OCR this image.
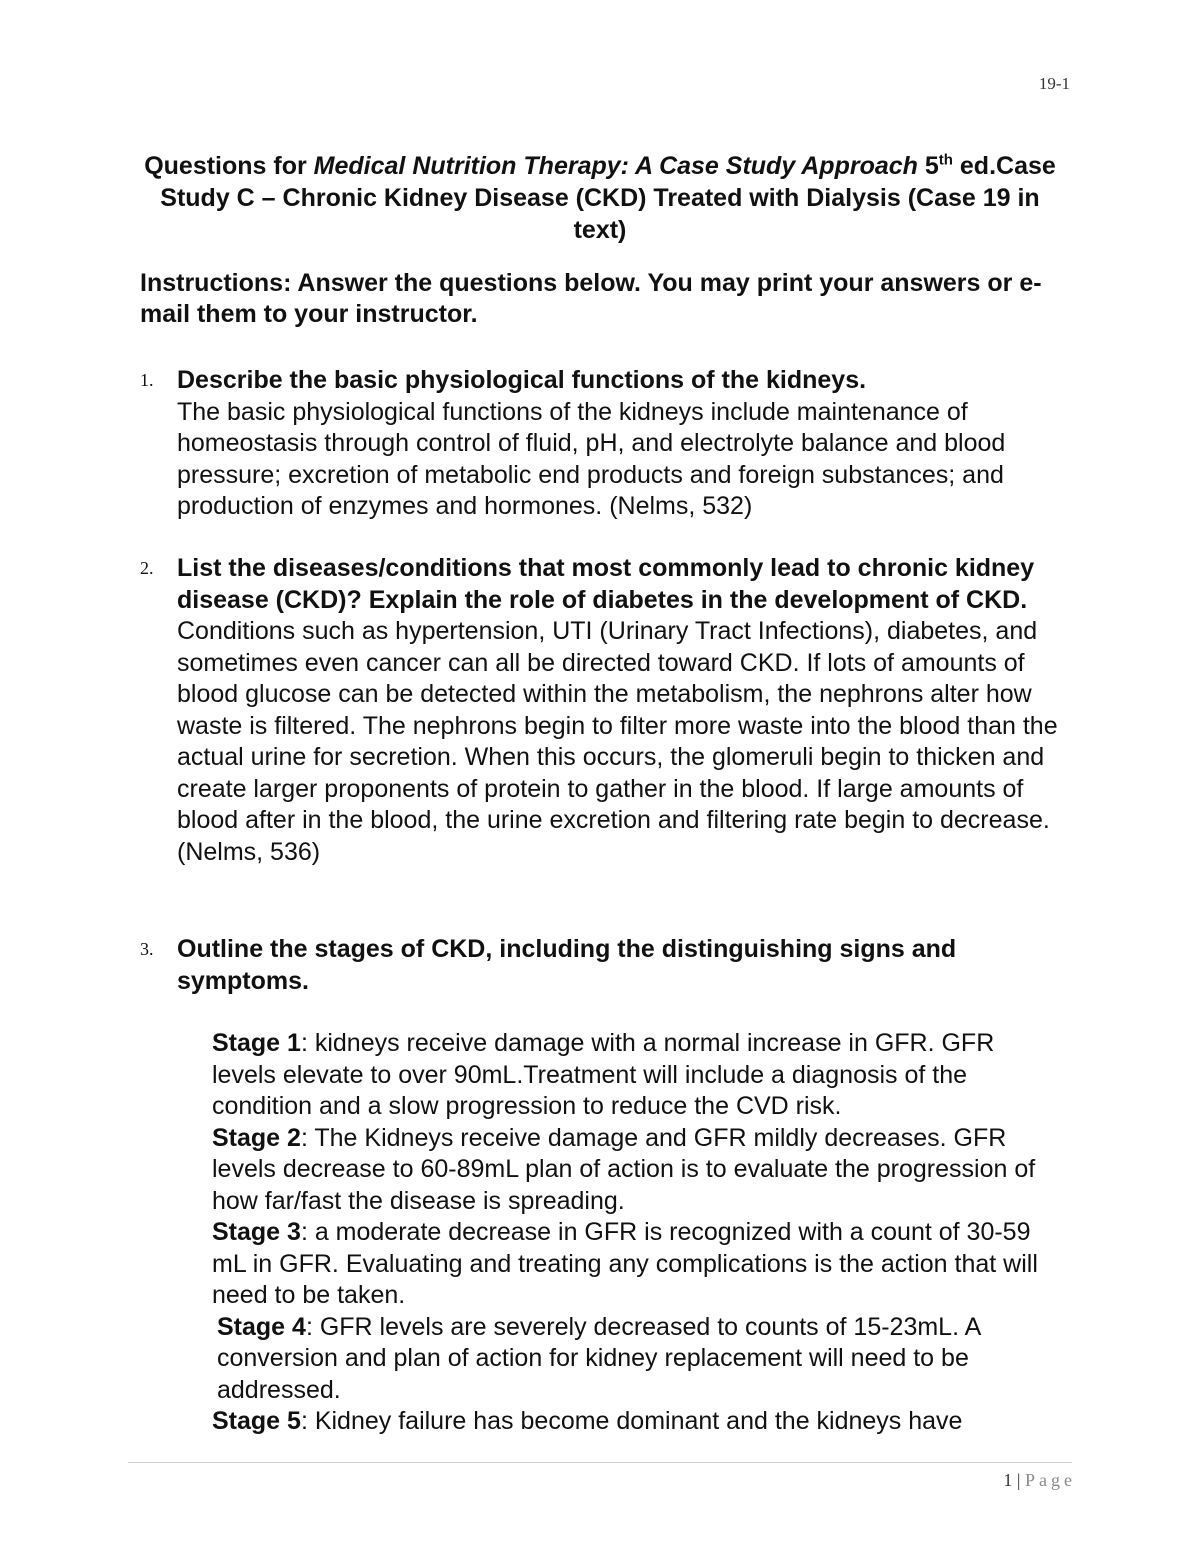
19-1
Questions for Medical Nutrition Therapy: A Case Study Approach 5th ed.Case Study C – Chronic Kidney Disease (CKD) Treated with Dialysis (Case 19 in text)
Instructions: Answer the questions below. You may print your answers or e-mail them to your instructor.
1. Describe the basic physiological functions of the kidneys.
The basic physiological functions of the kidneys include maintenance of homeostasis through control of fluid, pH, and electrolyte balance and blood pressure; excretion of metabolic end products and foreign substances; and production of enzymes and hormones. (Nelms, 532)
2. List the diseases/conditions that most commonly lead to chronic kidney disease (CKD)? Explain the role of diabetes in the development of CKD.
Conditions such as hypertension, UTI (Urinary Tract Infections), diabetes, and sometimes even cancer can all be directed toward CKD. If lots of amounts of blood glucose can be detected within the metabolism, the nephrons alter how waste is filtered. The nephrons begin to filter more waste into the blood than the actual urine for secretion. When this occurs, the glomeruli begin to thicken and create larger proponents of protein to gather in the blood. If large amounts of blood after in the blood, the urine excretion and filtering rate begin to decrease. (Nelms, 536)
3. Outline the stages of CKD, including the distinguishing signs and symptoms.
Stage 1: kidneys receive damage with a normal increase in GFR. GFR levels elevate to over 90mL.Treatment will include a diagnosis of the condition and a slow progression to reduce the CVD risk.
Stage 2: The Kidneys receive damage and GFR mildly decreases. GFR levels decrease to 60-89mL plan of action is to evaluate the progression of how far/fast the disease is spreading.
Stage 3: a moderate decrease in GFR is recognized with a count of 30-59 mL in GFR. Evaluating and treating any complications is the action that will need to be taken.
Stage 4: GFR levels are severely decreased to counts of 15-23mL. A conversion and plan of action for kidney replacement will need to be addressed.
Stage 5: Kidney failure has become dominant and the kidneys have
1 | Page
